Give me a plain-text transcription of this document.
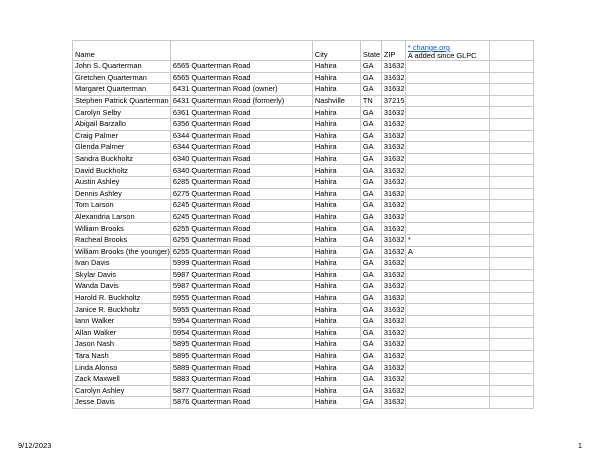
Name		City	State	ZIP	* change.org
A added since GLPC	

John S. Quarterman	6565 Quarterman Road	Hahira	GA	31632		
Gretchen Quarterman	6565 Quarterman Road	Hahira	GA	31632		
Margaret Quarterman	6431 Quarterman Road (owner)	Hahira	GA	31632		
Stephen Patrick Quarterman	6431 Quarterman Road (formerly)	Nashville	TN	37215		
Carolyn Selby	6361 Quarterman Road	Hahira	GA	31632		
Abigail Barzallo	6356 Quarterman Road	Hahira	GA	31632		
Craig Palmer	6344 Quarterman Road	Hahira	GA	31632		
Glenda Palmer	6344 Quarterman Road	Hahira	GA	31632		
Sandra Buckholtz	6340 Quarterman Road	Hahira	GA	31632		
David Buckholtz	6340 Quarterman Road	Hahira	GA	31632		
Austin Ashley	6285 Quarterman Road	Hahira	GA	31632		
Dennis Ashley	6275 Quarterman Road	Hahira	GA	31632		
Tom Larson	6245 Quarterman Road	Hahira	GA	31632		
Alexandria Larson	6245 Quarterman Road	Hahira	GA	31632		
William Brooks	6255 Quarterman Road	Hahira	GA	31632		
Racheal Brooks	6255 Quarterman Road	Hahira	GA	31632	*	
William Brooks (the younger)	6255 Quarterman Road	Hahira	GA	31632	A	
Ivan Davis	5999 Quarterman Road	Hahira	GA	31632		
Skylar Davis	5987 Quarterman Road	Hahira	GA	31632		
Wanda Davis	5987 Quarterman Road	Hahira	GA	31632		
Harold R. Buckholtz	5955 Quarterman Road	Hahira	GA	31632		
Janice R. Buckholtz	5955 Quarterman Road	Hahira	GA	31632		
Iann Walker	5954 Quarterman Road	Hahira	GA	31632		
Allan Walker	5954 Quarterman Road	Hahira	GA	31632		
Jason Nash	5895 Quarterman Road	Hahira	GA	31632		
Tara Nash	5895 Quarterman Road	Hahira	GA	31632		
Linda Alonso	5889 Quarterman Road	Hahira	GA	31632		
Zack Maxwell	5883 Quarterman Road	Hahira	GA	31632		
Carolyn Ashley	5877 Quarterman Road	Hahira	GA	31632		
Jesse Davis	5876 Quarterman Road	Hahira	GA	31632		
9/12/2023	1
